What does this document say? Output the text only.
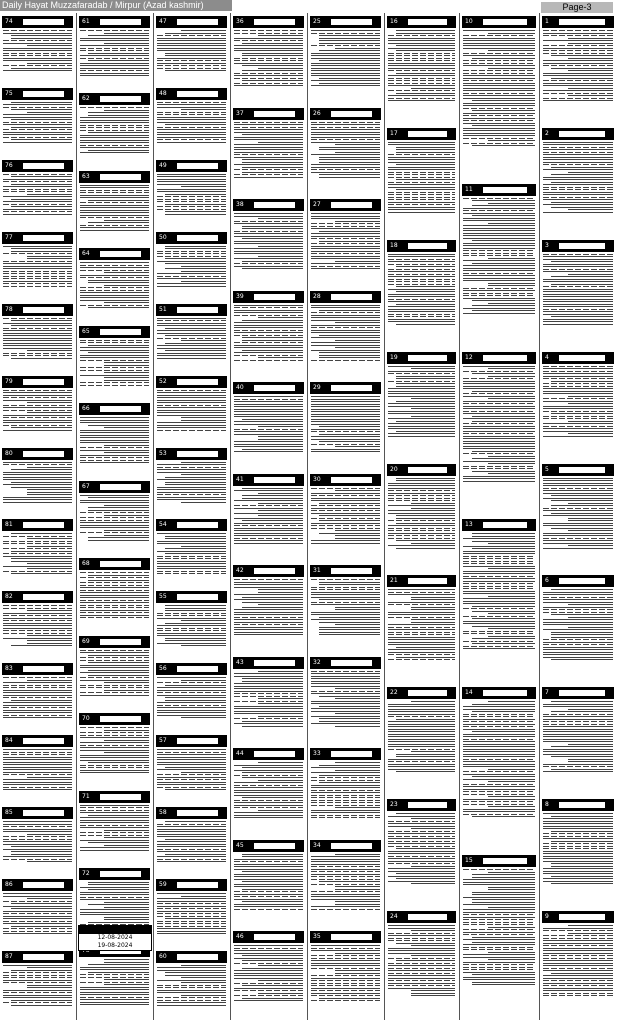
Daily Hayat Muzzafaradab / Mirpur (Azad kashmir)	Page-3
74
75
76
77
78
79
80
81
82
83
84
85
86
87
61
62
63
64
65
66
67
68
69
70
71
72
47
48
49
50
51
52
53
54
55
56
57
58
59
60
36
37
38
39
40
41
42
43
44
45
46
25
26
27
28
29
30
31
32
33
34
35
16
17
18
19
20
21
22
23
24
10
11
12
13
14
15
1
2
3
4
5
6
7
8
9

12-08-2024
19-08-2024
